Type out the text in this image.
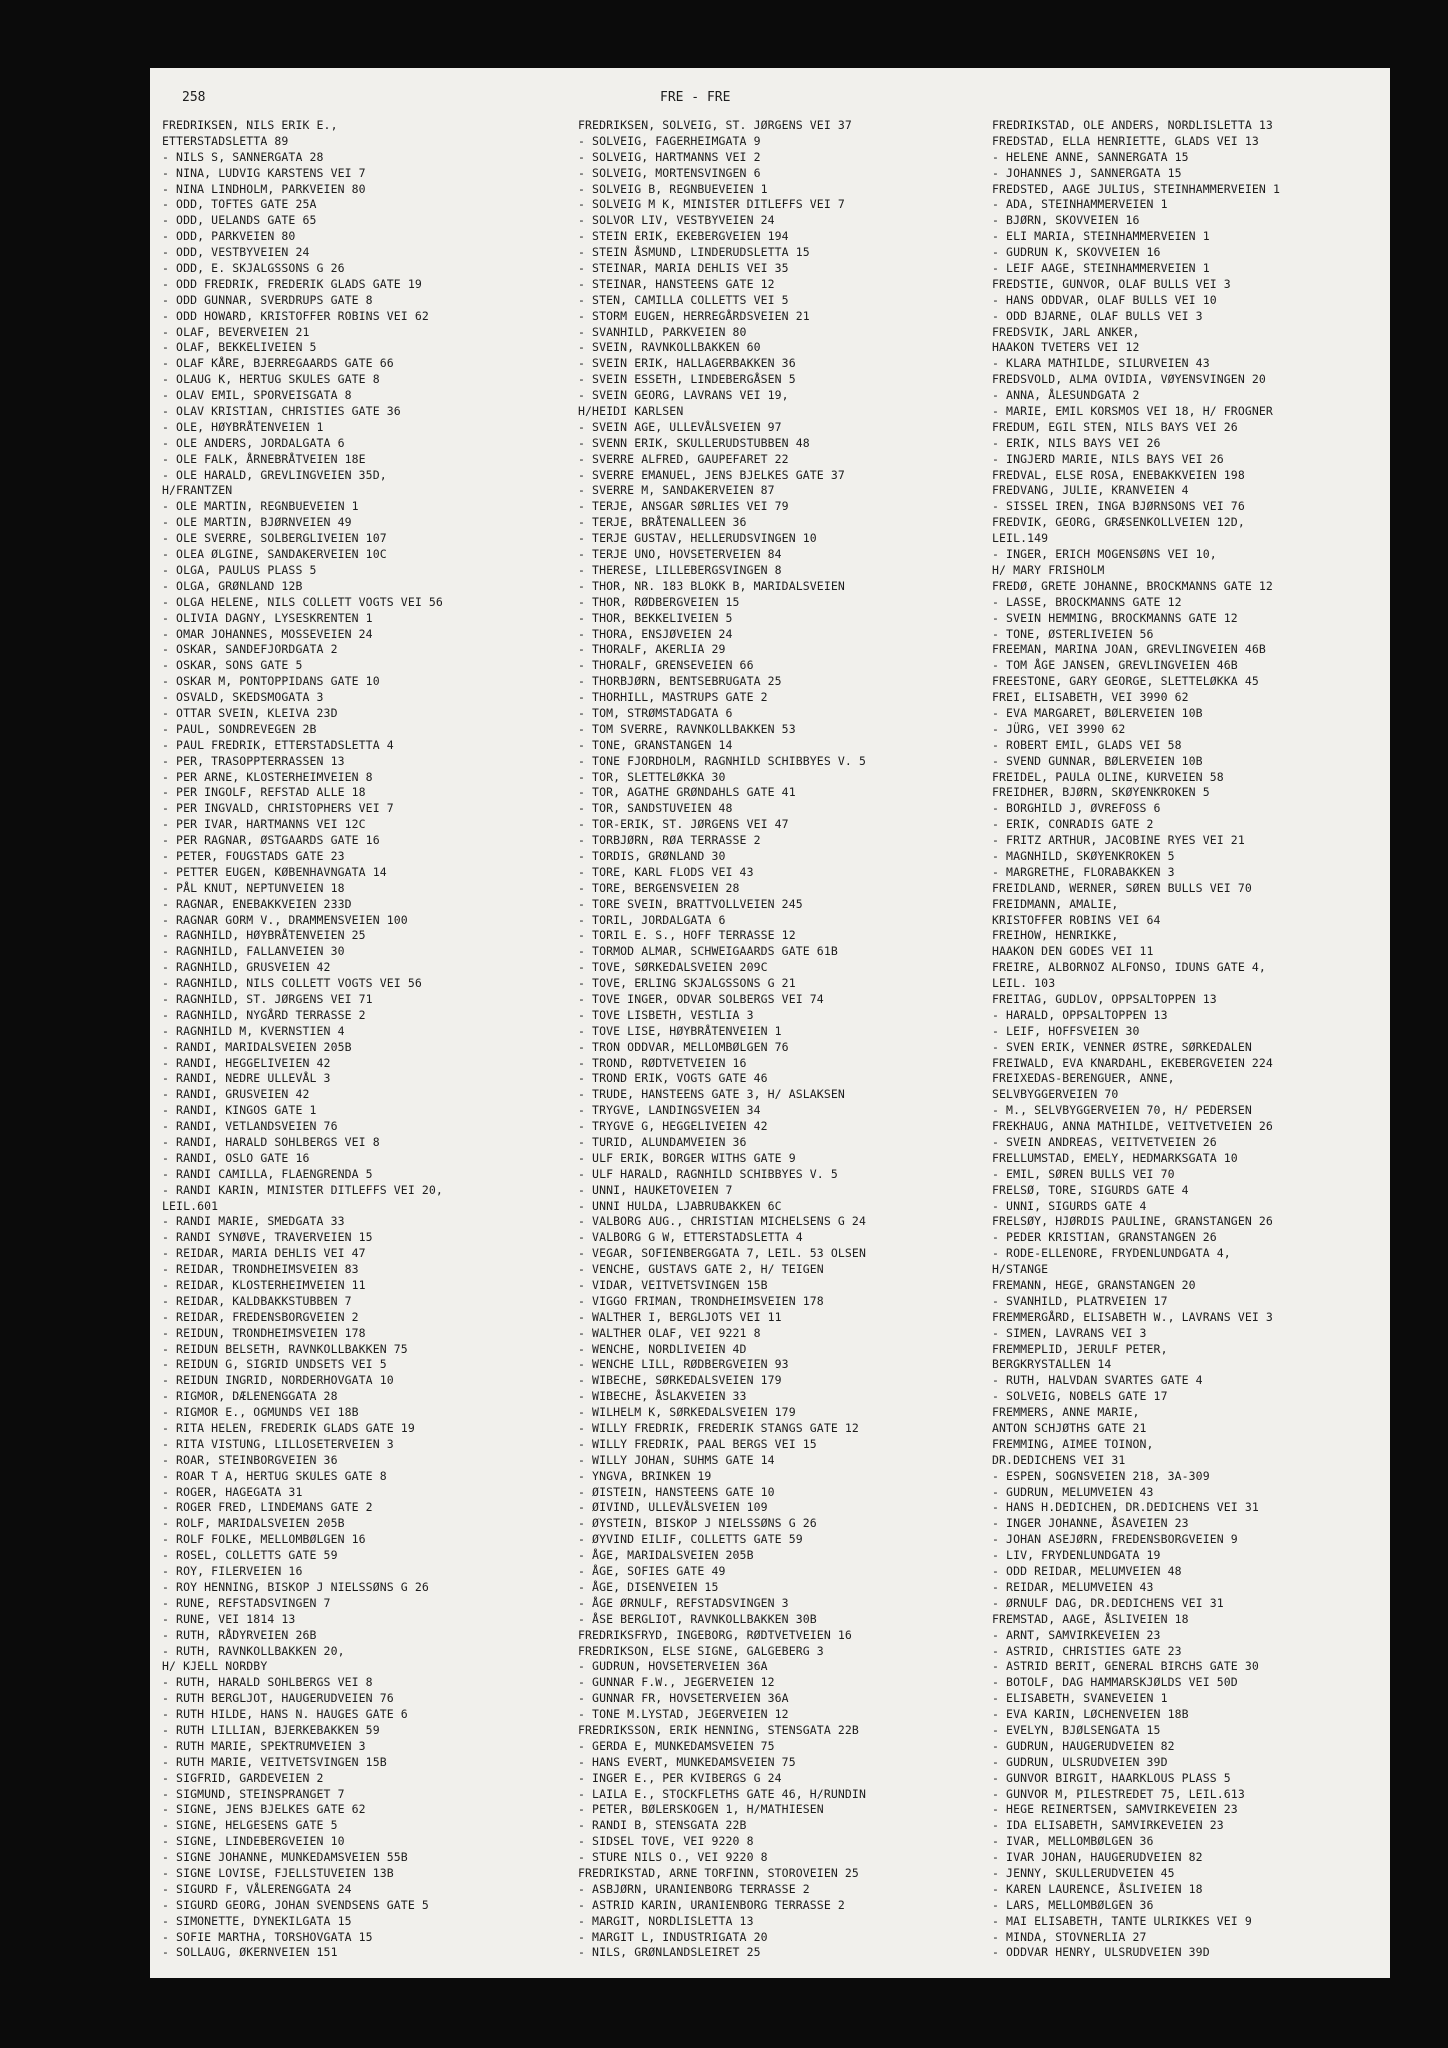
258	FRE - FRE
FREDRIKSEN, NILS ERIK E.,
ETTERSTADSLETTA 89
- NILS S, SANNERGATA 28
- NINA, LUDVIG KARSTENS VEI 7
- NINA LINDHOLM, PARKVEIEN 80
- ODD, TOFTES GATE 25A
- ODD, UELANDS GATE 65
- ODD, PARKVEIEN 80
- ODD, VESTBYVEIEN 24
- ODD, E. SKJALGSSONS G 26
- ODD FREDRIK, FREDERIK GLADS GATE 19
- ODD GUNNAR, SVERDRUPS GATE 8
- ODD HOWARD, KRISTOFFER ROBINS VEI 62
- OLAF, BEVERVEIEN 21
- OLAF, BEKKELIVEIEN 5
- OLAF KÅRE, BJERREGAARDS GATE 66
- OLAUG K, HERTUG SKULES GATE 8
- OLAV EMIL, SPORVEISGATA 8
- OLAV KRISTIAN, CHRISTIES GATE 36
- OLE, HØYBRÅTENVEIEN 1
- OLE ANDERS, JORDALGATA 6
- OLE FALK, ÅRNEBRÅTVEIEN 18E
- OLE HARALD, GREVLINGVEIEN 35D,
H/FRANTZEN
- OLE MARTIN, REGNBUEVEIEN 1
- OLE MARTIN, BJØRNVEIEN 49
- OLE SVERRE, SOLBERGLIVEIEN 107
- OLEA ØLGINE, SANDAKERVEIEN 10C
- OLGA, PAULUS PLASS 5
- OLGA, GRØNLAND 12B
- OLGA HELENE, NILS COLLETT VOGTS VEI 56
- OLIVIA DAGNY, LYSESKRENTEN 1
- OMAR JOHANNES, MOSSEVEIEN 24
- OSKAR, SANDEFJORDGATA 2
- OSKAR, SONS GATE 5
- OSKAR M, PONTOPPIDANS GATE 10
- OSVALD, SKEDSMOGATA 3
- OTTAR SVEIN, KLEIVA 23D
- PAUL, SONDREVEGEN 2B
- PAUL FREDRIK, ETTERSTADSLETTA 4
- PER, TRASOPPTERRASSEN 13
- PER ARNE, KLOSTERHEIMVEIEN 8
- PER INGOLF, REFSTAD ALLE 18
- PER INGVALD, CHRISTOPHERS VEI 7
- PER IVAR, HARTMANNS VEI 12C
- PER RAGNAR, ØSTGAARDS GATE 16
- PETER, FOUGSTADS GATE 23
- PETTER EUGEN, KØBENHAVNGATA 14
- PÅL KNUT, NEPTUNVEIEN 18
- RAGNAR, ENEBAKKVEIEN 233D
- RAGNAR GORM V., DRAMMENSVEIEN 100
- RAGNHILD, HØYBRÅTENVEIEN 25
- RAGNHILD, FALLANVEIEN 30
- RAGNHILD, GRUSVEIEN 42
- RAGNHILD, NILS COLLETT VOGTS VEI 56
- RAGNHILD, ST. JØRGENS VEI 71
- RAGNHILD, NYGÅRD TERRASSE 2
- RAGNHILD M, KVERNSTIEN 4
- RANDI, MARIDALSVEIEN 205B
- RANDI, HEGGELIVEIEN 42
- RANDI, NEDRE ULLEVÅL 3
- RANDI, GRUSVEIEN 42
- RANDI, KINGOS GATE 1
- RANDI, VETLANDSVEIEN 76
- RANDI, HARALD SOHLBERGS VEI 8
- RANDI, OSLO GATE 16
- RANDI CAMILLA, FLAENGRENDA 5
- RANDI KARIN, MINISTER DITLEFFS VEI 20,
LEIL.601
- RANDI MARIE, SMEDGATA 33
- RANDI SYNØVE, TRAVERVEIEN 15
- REIDAR, MARIA DEHLIS VEI 47
- REIDAR, TRONDHEIMSVEIEN 83
- REIDAR, KLOSTERHEIMVEIEN 11
- REIDAR, KALDBAKKSTUBBEN 7
- REIDAR, FREDENSBORGVEIEN 2
- REIDUN, TRONDHEIMSVEIEN 178
- REIDUN BELSETH, RAVNKOLLBAKKEN 75
- REIDUN G, SIGRID UNDSETS VEI 5
- REIDUN INGRID, NORDERHOVGATA 10
- RIGMOR, DÆLENENGGATA 28
- RIGMOR E., OGMUNDS VEI 18B
- RITA HELEN, FREDERIK GLADS GATE 19
- RITA VISTUNG, LILLOSETERVEIEN 3
- ROAR, STEINBORGVEIEN 36
- ROAR T A, HERTUG SKULES GATE 8
- ROGER, HAGEGATA 31
- ROGER FRED, LINDEMANS GATE 2
- ROLF, MARIDALSVEIEN 205B
- ROLF FOLKE, MELLOMBØLGEN 16
- ROSEL, COLLETTS GATE 59
- ROY, FILERVEIEN 16
- ROY HENNING, BISKOP J NIELSSØNS G 26
- RUNE, REFSTADSVINGEN 7
- RUNE, VEI 1814 13
- RUTH, RÅDYRVEIEN 26B
- RUTH, RAVNKOLLBAKKEN 20,
H/ KJELL NORDBY
- RUTH, HARALD SOHLBERGS VEI 8
- RUTH BERGLJOT, HAUGERUDVEIEN 76
- RUTH HILDE, HANS N. HAUGES GATE 6
- RUTH LILLIAN, BJERKEBAKKEN 59
- RUTH MARIE, SPEKTRUMVEIEN 3
- RUTH MARIE, VEITVETSVINGEN 15B
- SIGFRID, GARDEVEIEN 2
- SIGMUND, STEINSPRANGET 7
- SIGNE, JENS BJELKES GATE 62
- SIGNE, HELGESENS GATE 5
- SIGNE, LINDEBERGVEIEN 10
- SIGNE JOHANNE, MUNKEDAMSVEIEN 55B
- SIGNE LOVISE, FJELLSTUVEIEN 13B
- SIGURD F, VÅLERENGGATA 24
- SIGURD GEORG, JOHAN SVENDSENS GATE 5
- SIMONETTE, DYNEKILGATA 15
- SOFIE MARTHA, TORSHOVGATA 15
- SOLLAUG, ØKERNVEIEN 151
FREDRIKSEN, SOLVEIG, ST. JØRGENS VEI 37
- SOLVEIG, FAGERHEIMGATA 9
- SOLVEIG, HARTMANNS VEI 2
- SOLVEIG, MORTENSVINGEN 6
- SOLVEIG B, REGNBUEVEIEN 1
- SOLVEIG M K, MINISTER DITLEFFS VEI 7
- SOLVOR LIV, VESTBYVEIEN 24
- STEIN ERIK, EKEBERGVEIEN 194
- STEIN ÅSMUND, LINDERUDSLETTA 15
- STEINAR, MARIA DEHLIS VEI 35
- STEINAR, HANSTEENS GATE 12
- STEN, CAMILLA COLLETTS VEI 5
- STORM EUGEN, HERREGÅRDSVEIEN 21
- SVANHILD, PARKVEIEN 80
- SVEIN, RAVNKOLLBAKKEN 60
- SVEIN ERIK, HALLAGERBAKKEN 36
- SVEIN ESSETH, LINDEBERGÅSEN 5
- SVEIN GEORG, LAVRANS VEI 19,
H/HEIDI KARLSEN
- SVEIN AGE, ULLEVÅLSVEIEN 97
- SVENN ERIK, SKULLERUDSTUBBEN 48
- SVERRE ALFRED, GAUPEFARET 22
- SVERRE EMANUEL, JENS BJELKES GATE 37
- SVERRE M, SANDAKERVEIEN 87
- TERJE, ANSGAR SØRLIES VEI 79
- TERJE, BRÅTENALLEEN 36
- TERJE GUSTAV, HELLERUDSVINGEN 10
- TERJE UNO, HOVSETERVEIEN 84
- THERESE, LILLEBERGSVINGEN 8
- THOR, NR. 183 BLOKK B, MARIDALSVEIEN
- THOR, RØDBERGVEIEN 15
- THOR, BEKKELIVEIEN 5
- THORA, ENSJØVEIEN 24
- THORALF, AKERLIA 29
- THORALF, GRENSEVEIEN 66
- THORBJØRN, BENTSEBRUGATA 25
- THORHILL, MASTRUPS GATE 2
- TOM, STRØMSTADGATA 6
- TOM SVERRE, RAVNKOLLBAKKEN 53
- TONE, GRANSTANGEN 14
- TONE FJORDHOLM, RAGNHILD SCHIBBYES V. 5
- TOR, SLETTELØKKA 30
- TOR, AGATHE GRØNDAHLS GATE 41
- TOR, SANDSTUVEIEN 48
- TOR-ERIK, ST. JØRGENS VEI 47
- TORBJØRN, RØA TERRASSE 2
- TORDIS, GRØNLAND 30
- TORE, KARL FLODS VEI 43
- TORE, BERGENSVEIEN 28
- TORE SVEIN, BRATTVOLLVEIEN 245
- TORIL, JORDALGATA 6
- TORIL E. S., HOFF TERRASSE 12
- TORMOD ALMAR, SCHWEIGAARDS GATE 61B
- TOVE, SØRKEDALSVEIEN 209C
- TOVE, ERLING SKJALGSSONS G 21
- TOVE INGER, ODVAR SOLBERGS VEI 74
- TOVE LISBETH, VESTLIA 3
- TOVE LISE, HØYBRÅTENVEIEN 1
- TRON ODDVAR, MELLOMBØLGEN 76
- TROND, RØDTVETVEIEN 16
- TROND ERIK, VOGTS GATE 46
- TRUDE, HANSTEENS GATE 3, H/ ASLAKSEN
- TRYGVE, LANDINGSVEIEN 34
- TRYGVE G, HEGGELIVEIEN 42
- TURID, ALUNDAMVEIEN 36
- ULF ERIK, BORGER WITHS GATE 9
- ULF HARALD, RAGNHILD SCHIBBYES V. 5
- UNNI, HAUKETOVEIEN 7
- UNNI HULDA, LJABRUBAKKEN 6C
- VALBORG AUG., CHRISTIAN MICHELSENS G 24
- VALBORG G W, ETTERSTADSLETTA 4
- VEGAR, SOFIENBERGGATA 7, LEIL. 53 OLSEN
- VENCHE, GUSTAVS GATE 2, H/ TEIGEN
- VIDAR, VEITVETSVINGEN 15B
- VIGGO FRIMAN, TRONDHEIMSVEIEN 178
- WALTHER I, BERGLJOTS VEI 11
- WALTHER OLAF, VEI 9221 8
- WENCHE, NORDLIVEIEN 4D
- WENCHE LILL, RØDBERGVEIEN 93
- WIBECHE, SØRKEDALSVEIEN 179
- WIBECHE, ÅSLAKVEIEN 33
- WILHELM K, SØRKEDALSVEIEN 179
- WILLY FREDRIK, FREDERIK STANGS GATE 12
- WILLY FREDRIK, PAAL BERGS VEI 15
- WILLY JOHAN, SUHMS GATE 14
- YNGVA, BRINKEN 19
- ØISTEIN, HANSTEENS GATE 10
- ØIVIND, ULLEVÅLSVEIEN 109
- ØYSTEIN, BISKOP J NIELSSØNS G 26
- ØYVIND EILIF, COLLETTS GATE 59
- ÅGE, MARIDALSVEIEN 205B
- ÅGE, SOFIES GATE 49
- ÅGE, DISENVEIEN 15
- ÅGE ØRNULF, REFSTADSVINGEN 3
- ÅSE BERGLIOT, RAVNKOLLBAKKEN 30B
FREDRIKSFRYD, INGEBORG, RØDTVETVEIEN 16
FREDRIKSON, ELSE SIGNE, GALGEBERG 3
- GUDRUN, HOVSETERVEIEN 36A
- GUNNAR F.W., JEGERVEIEN 12
- GUNNAR FR, HOVSETERVEIEN 36A
- TONE M.LYSTAD, JEGERVEIEN 12
FREDRIKSSON, ERIK HENNING, STENSGATA 22B
- GERDA E, MUNKEDAMSVEIEN 75
- HANS EVERT, MUNKEDAMSVEIEN 75
- INGER E., PER KVIBERGS G 24
- LAILA E., STOCKFLETHS GATE 46, H/RUNDIN
- PETER, BØLERSKOGEN 1, H/MATHIESEN
- RANDI B, STENSGATA 22B
- SIDSEL TOVE, VEI 9220 8
- STURE NILS O., VEI 9220 8
FREDRIKSTAD, ARNE TORFINN, STOROVEIEN 25
- ASBJØRN, URANIENBORG TERRASSE 2
- ASTRID KARIN, URANIENBORG TERRASSE 2
- MARGIT, NORDLISLETTA 13
- MARGIT L, INDUSTRIGATA 20
- NILS, GRØNLANDSLEIRET 25
FREDRIKSTAD, OLE ANDERS, NORDLISLETTA 13
FREDSTAD, ELLA HENRIETTE, GLADS VEI 13
- HELENE ANNE, SANNERGATA 15
- JOHANNES J, SANNERGATA 15
FREDSTED, AAGE JULIUS, STEINHAMMERVEIEN 1
- ADA, STEINHAMMERVEIEN 1
- BJØRN, SKOVVEIEN 16
- ELI MARIA, STEINHAMMERVEIEN 1
- GUDRUN K, SKOVVEIEN 16
- LEIF AAGE, STEINHAMMERVEIEN 1
FREDSTIE, GUNVOR, OLAF BULLS VEI 3
- HANS ODDVAR, OLAF BULLS VEI 10
- ODD BJARNE, OLAF BULLS VEI 3
FREDSVIK, JARL ANKER,
HAAKON TVETERS VEI 12
- KLARA MATHILDE, SILURVEIEN 43
FREDSVOLD, ALMA OVIDIA, VØYENSVINGEN 20
- ANNA, ÅLESUNDGATA 2
- MARIE, EMIL KORSMOS VEI 18, H/ FROGNER
FREDUM, EGIL STEN, NILS BAYS VEI 26
- ERIK, NILS BAYS VEI 26
- INGJERD MARIE, NILS BAYS VEI 26
FREDVAL, ELSE ROSA, ENEBAKKVEIEN 198
FREDVANG, JULIE, KRANVEIEN 4
- SISSEL IREN, INGA BJØRNSONS VEI 76
FREDVIK, GEORG, GRÆSENKOLLVEIEN 12D,
LEIL.149
- INGER, ERICH MOGENSØNS VEI 10,
H/ MARY FRISHOLM
FREDØ, GRETE JOHANNE, BROCKMANNS GATE 12
- LASSE, BROCKMANNS GATE 12
- SVEIN HEMMING, BROCKMANNS GATE 12
- TONE, ØSTERLIVEIEN 56
FREEMAN, MARINA JOAN, GREVLINGVEIEN 46B
- TOM ÅGE JANSEN, GREVLINGVEIEN 46B
FREESTONE, GARY GEORGE, SLETTELØKKA 45
FREI, ELISABETH, VEI 3990 62
- EVA MARGARET, BØLERVEIEN 10B
- JÜRG, VEI 3990 62
- ROBERT EMIL, GLADS VEI 58
- SVEND GUNNAR, BØLERVEIEN 10B
FREIDEL, PAULA OLINE, KURVEIEN 58
FREIDHER, BJØRN, SKØYENKROKEN 5
- BORGHILD J, ØVREFOSS 6
- ERIK, CONRADIS GATE 2
- FRITZ ARTHUR, JACOBINE RYES VEI 21
- MAGNHILD, SKØYENKROKEN 5
- MARGRETHE, FLORABAKKEN 3
FREIDLAND, WERNER, SØREN BULLS VEI 70
FREIDMANN, AMALIE,
KRISTOFFER ROBINS VEI 64
FREIHOW, HENRIKKE,
HAAKON DEN GODES VEI 11
FREIRE, ALBORNOZ ALFONSO, IDUNS GATE 4,
LEIL. 103
FREITAG, GUDLOV, OPPSALTOPPEN 13
- HARALD, OPPSALTOPPEN 13
- LEIF, HOFFSVEIEN 30
- SVEN ERIK, VENNER ØSTRE, SØRKEDALEN
FREIWALD, EVA KNARDAHL, EKEBERGVEIEN 224
FREIXEDAS-BERENGUER, ANNE,
SELVBYGGERVEIEN 70
- M., SELVBYGGERVEIEN 70, H/ PEDERSEN
FREKHAUG, ANNA MATHILDE, VEITVETVEIEN 26
- SVEIN ANDREAS, VEITVETVEIEN 26
FRELLUMSTAD, EMELY, HEDMARKSGATA 10
- EMIL, SØREN BULLS VEI 70
FRELSØ, TORE, SIGURDS GATE 4
- UNNI, SIGURDS GATE 4
FRELSØY, HJØRDIS PAULINE, GRANSTANGEN 26
- PEDER KRISTIAN, GRANSTANGEN 26
- RODE-ELLENORE, FRYDENLUNDGATA 4,
H/STANGE
FREMANN, HEGE, GRANSTANGEN 20
- SVANHILD, PLATRVEIEN 17
FREMMERGÅRD, ELISABETH W., LAVRANS VEI 3
- SIMEN, LAVRANS VEI 3
FREMMEPLID, JERULF PETER,
BERGKRYSTALLEN 14
- RUTH, HALVDAN SVARTES GATE 4
- SOLVEIG, NOBELS GATE 17
FREMMERS, ANNE MARIE,
ANTON SCHJØTHS GATE 21
FREMMING, AIMEE TOINON,
DR.DEDICHENS VEI 31
- ESPEN, SOGNSVEIEN 218, 3A-309
- GUDRUN, MELUMVEIEN 43
- HANS H.DEDICHEN, DR.DEDICHENS VEI 31
- INGER JOHANNE, ÅSAVEIEN 23
- JOHAN ASEJØRN, FREDENSBORGVEIEN 9
- LIV, FRYDENLUNDGATA 19
- ODD REIDAR, MELUMVEIEN 48
- REIDAR, MELUMVEIEN 43
- ØRNULF DAG, DR.DEDICHENS VEI 31
FREMSTAD, AAGE, ÅSLIVEIEN 18
- ARNT, SAMVIRKEVEIEN 23
- ASTRID, CHRISTIES GATE 23
- ASTRID BERIT, GENERAL BIRCHS GATE 30
- BOTOLF, DAG HAMMARSKJØLDS VEI 50D
- ELISABETH, SVANEVEIEN 1
- EVA KARIN, LØCHENVEIEN 18B
- EVELYN, BJØLSENGATA 15
- GUDRUN, HAUGERUDVEIEN 82
- GUDRUN, ULSRUDVEIEN 39D
- GUNVOR BIRGIT, HAARKLOUS PLASS 5
- GUNVOR M, PILESTREDET 75, LEIL.613
- HEGE REINERTSEN, SAMVIRKEVEIEN 23
- IDA ELISABETH, SAMVIRKEVEIEN 23
- IVAR, MELLOMBØLGEN 36
- IVAR JOHAN, HAUGERUDVEIEN 82
- JENNY, SKULLERUDVEIEN 45
- KAREN LAURENCE, ÅSLIVEIEN 18
- LARS, MELLOMBØLGEN 36
- MAI ELISABETH, TANTE ULRIKKES VEI 9
- MINDA, STOVNERLIA 27
- ODDVAR HENRY, ULSRUDVEIEN 39D
